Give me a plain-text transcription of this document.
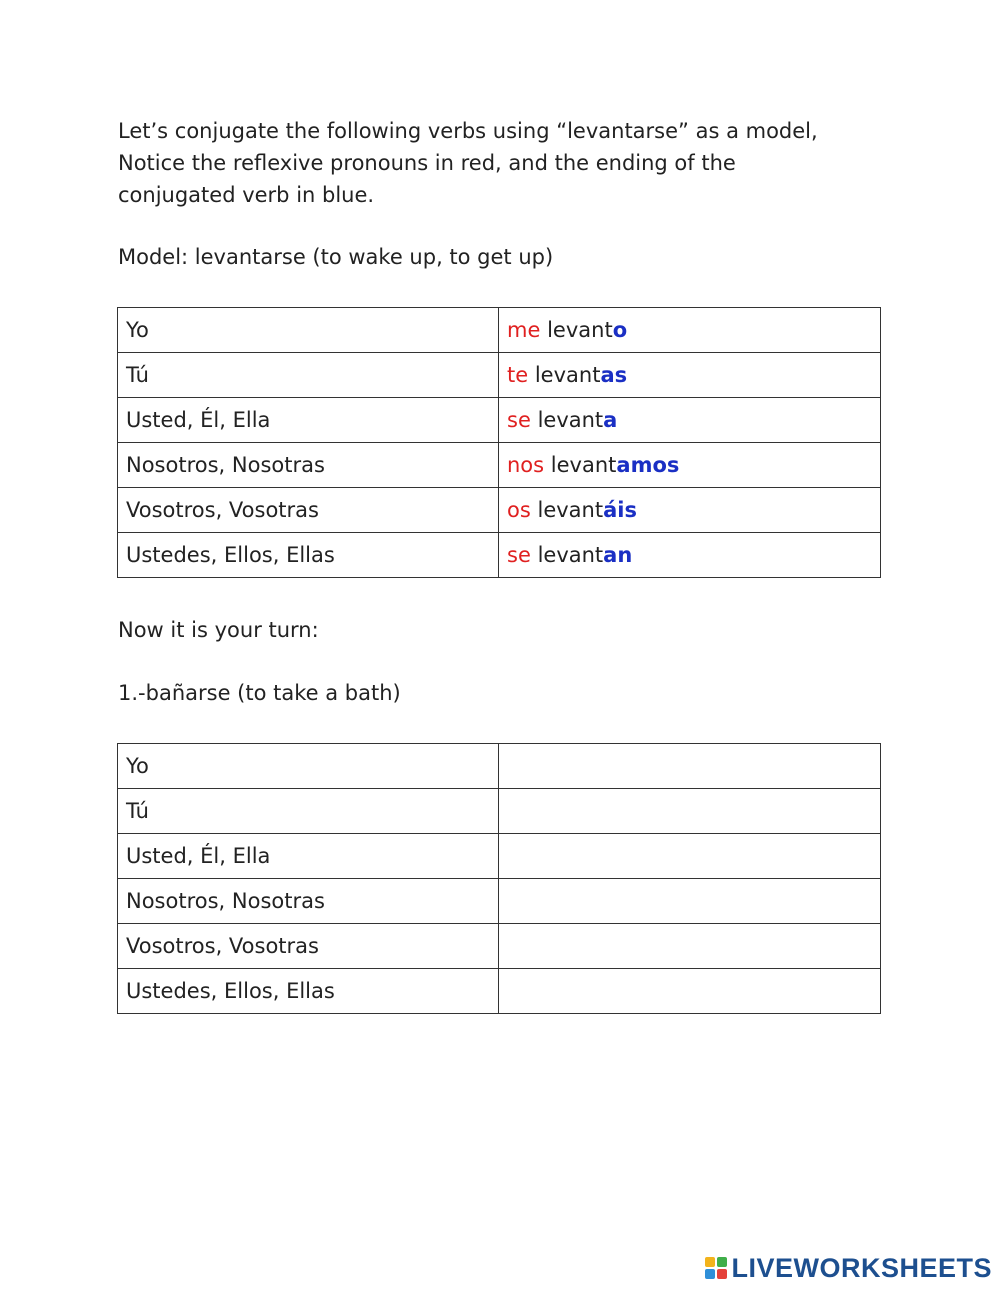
Let’s conjugate the following verbs using “levantarse” as a model,

Notice the reflexive pronouns in red, and the ending of the

conjugated verb in blue.

Model: levantarse (to wake up, to get up)

Yo	me levanto
Tú	te levantas
Usted, Él, Ella	se levanta
Nosotros, Nosotras	nos levantamos
Vosotros, Vosotras	os levantáis
Ustedes, Ellos, Ellas	se levantan

Now it is your turn:

1.-bañarse (to take a bath)

Yo	
Tú	
Usted, Él, Ella	
Nosotros, Nosotras	
Vosotros, Vosotras	
Ustedes, Ellos, Ellas	
LIVEWORKSHEETS
